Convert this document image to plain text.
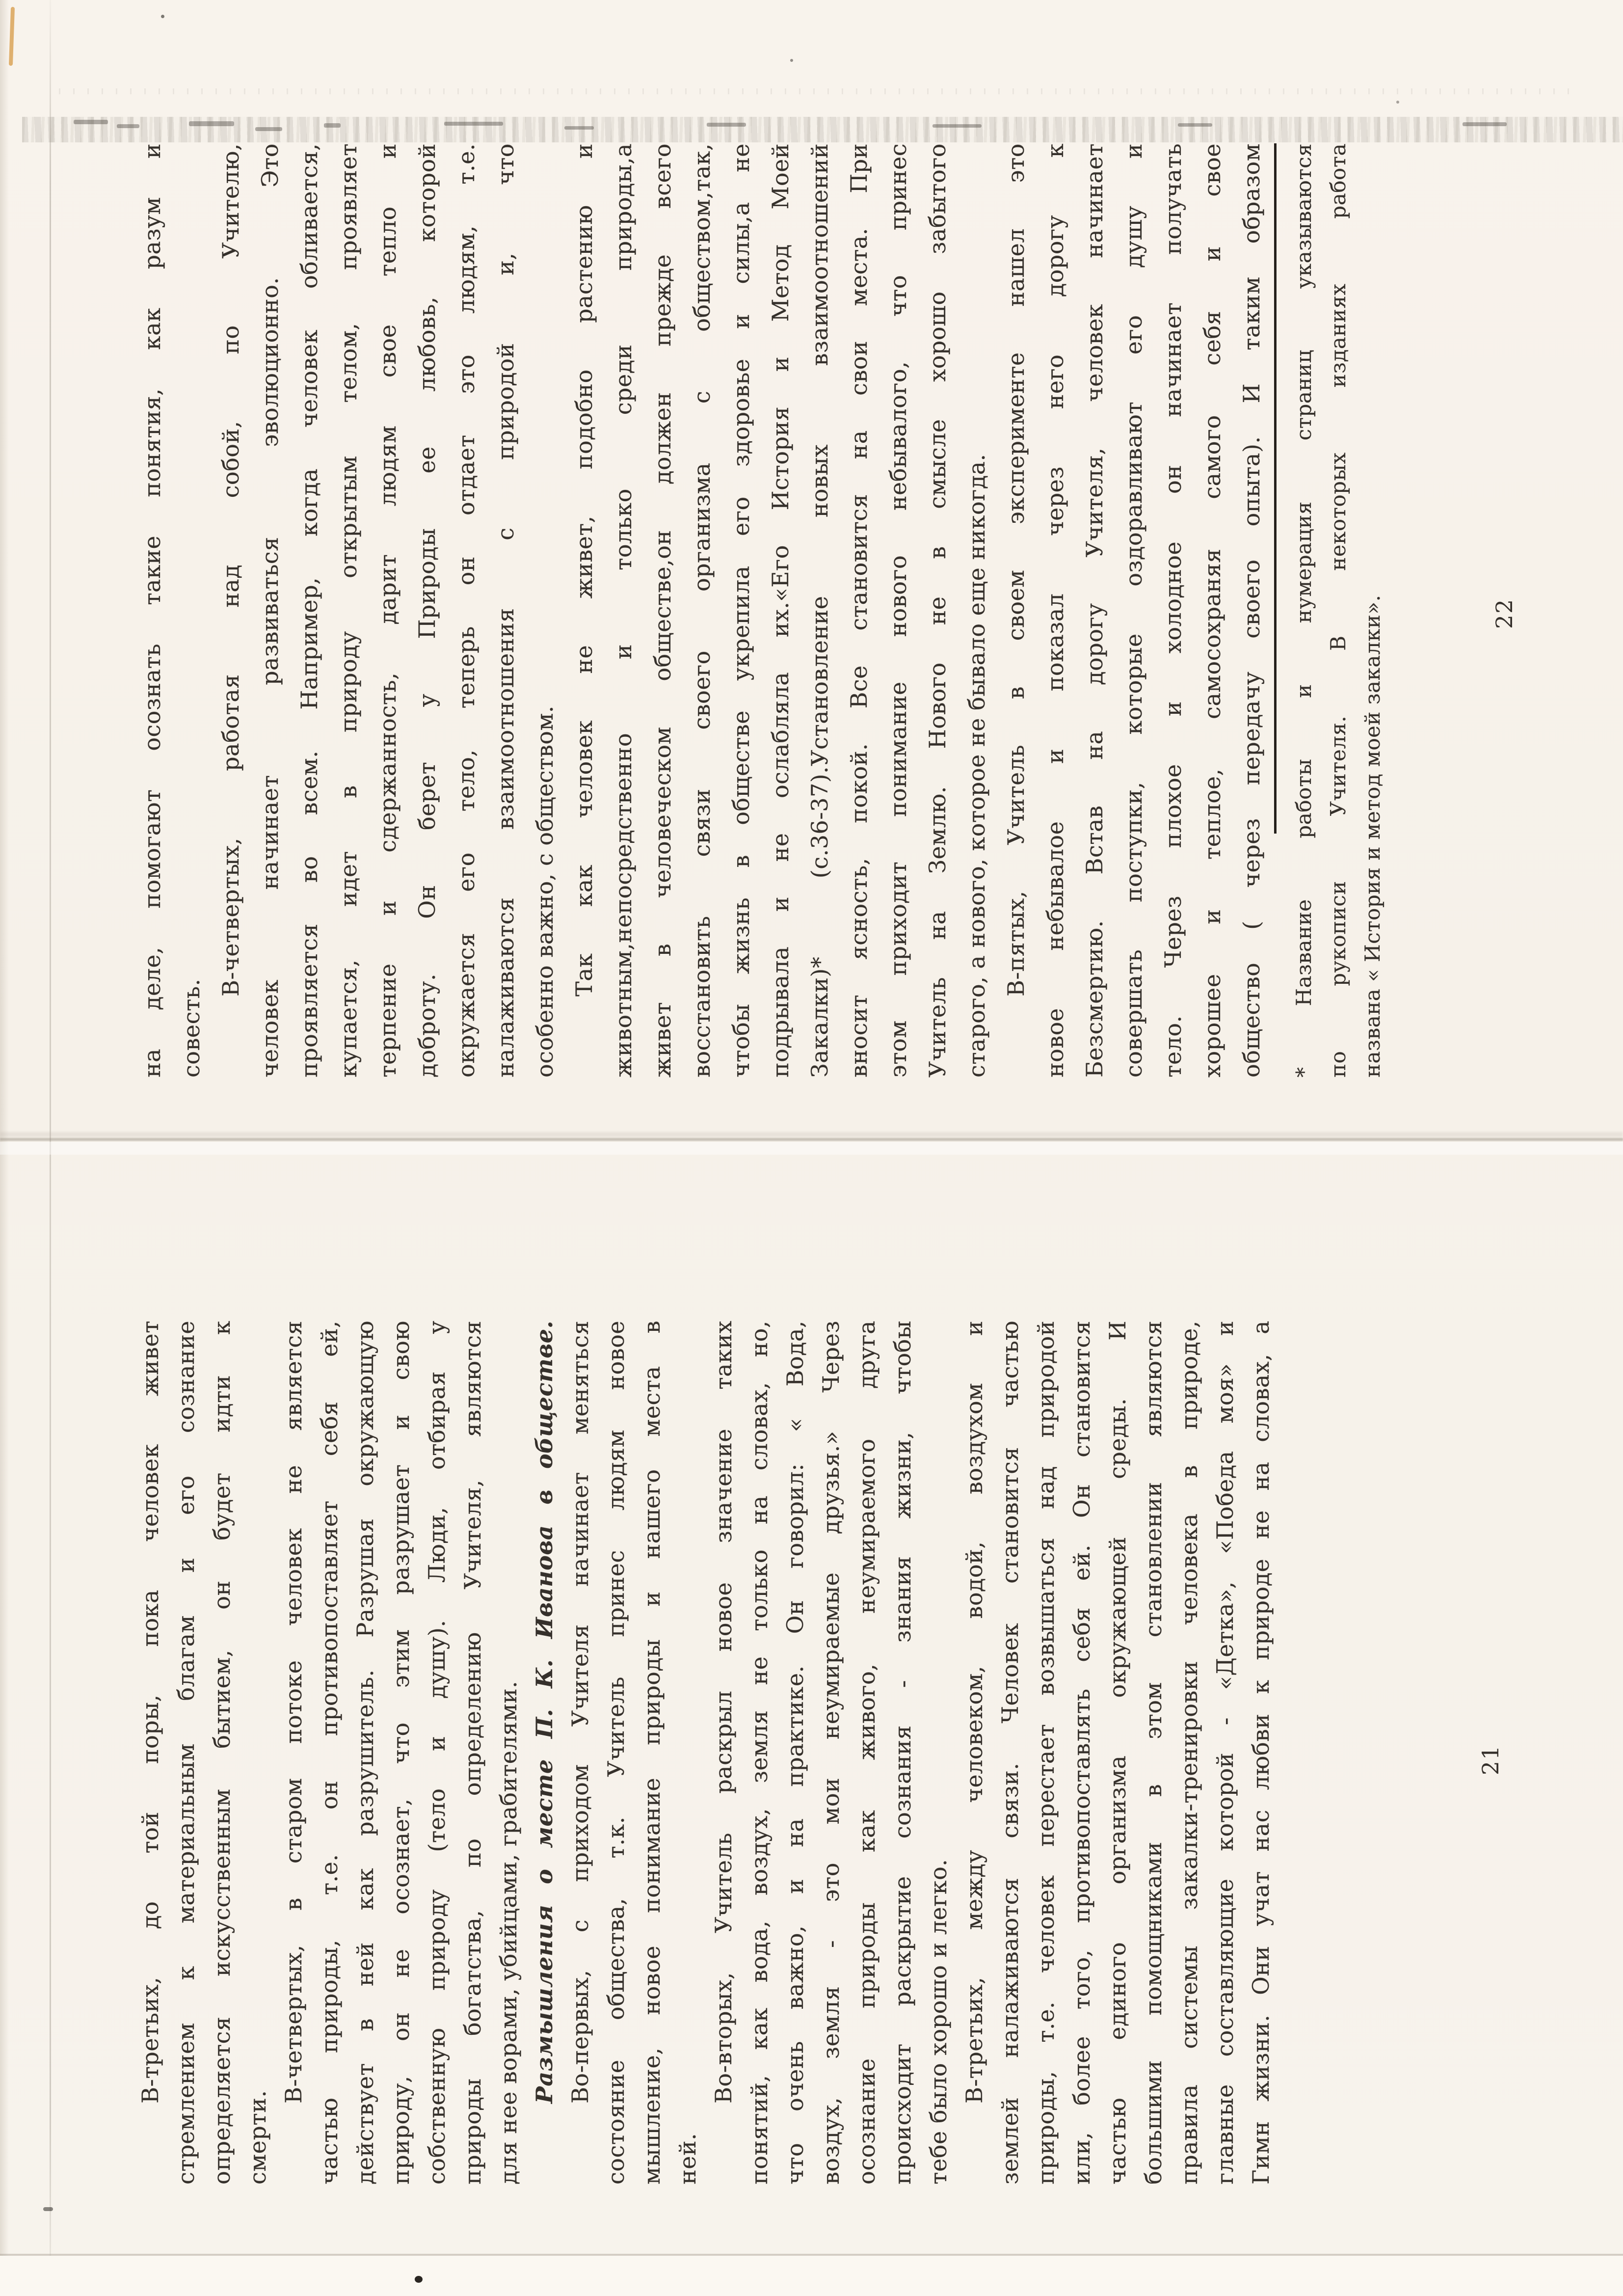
на деле, помогают осознать такие понятия, как разум и совесть.
В-четвертых, работая над собой, по Учителю, человек начинает развиваться эволюционно. Это проявляется во всем. Например, когда человек обливается, купается, идет в природу открытым телом, проявляет терпение и сдержанность, дарит людям свое тепло и доброту. Он берет у Природы ее любовь, которой окружается его тело, теперь он отдает это людям, т.е. налаживаются взаимоотношения с природой и, что особенно важно, с обществом. Так как человек не живет, подобно растению и животным,непосредственно и только среди природы,а живет в человеческом обществе,он должен прежде всего восстановить связи своего организма с обществом,так, чтобы жизнь в обществе укрепила его здоровье и силы,а не подрывала и не ослабляла их.«Его История и Метод Моей Закалки)* (с.36-37).Установление новых взаимоотношений вносит ясность, покой. Все становится на свои места. При этом приходит понимание нового небывалого, что принес Учитель на Землю. Нового не в смысле хорошо забытого старого, а нового, которое не бывало еще никогда. В-пятых, Учитель в своем эксперименте нашел это новое небывалое и показал через него дорогу к Безсмертию. Встав на дорогу Учителя, человек начинает совершать поступки, которые оздоравливают его душу и тело. Через плохое и холодное он начинает получать хорошее и теплое, самосохраняя самого себя и свое общество ( через передачу своего опыта). И таким образом	* Название работы и нумерация страниц указываются по рукописи Учителя. В некоторых изданиях работа названа « История и метод моей закалки».	22
В-третьих, до той поры, пока человек живет стремлением к материальным благам и его сознание определяется искусственным бытием, он будет идти к смерти.
В-четвертых, в старом потоке человек не является частью природы, т.е. он противопоставляет себя ей, действует в ней как разрушитель. Разрушая окружающую природу, он не осознает, что этим разрушает и свою собственную природу (тело и душу). Люди, отбирая у природы богатства, по определению Учителя, являются для нее ворами, убийцами, грабителями. Размышления о месте П. К. Иванова в обществе. Во-первых, с приходом Учителя начинает меняться состояние общества, т.к. Учитель принес людям новое мышление, новое понимание природы и нашего места в ней.
Во-вторых, Учитель раскрыл новое значение таких понятий, как вода, воздух, земля не только на словах, но, что очень важно, и на практике. Он говорил: « Вода, воздух, земля - это мои неумираемые друзья.» Через осознание природы как живого, неумираемого друга происходит раскрытие сознания - знания жизни, чтобы тебе было хорошо и легко. В-третьих, между человеком, водой, воздухом и землей налаживаются связи. Человек становится частью природы, т.е. человек перестает возвышаться над природой или, более того, противопоставлять себя ей. Он становится частью единого организма окружающей среды. И большими помощниками в этом становлении являются правила системы закалки-тренировки человека в природе, главные составляющие которой - «Детка», «Победа моя» и Гимн жизни. Они учат нас любви к природе не на словах, а	21
